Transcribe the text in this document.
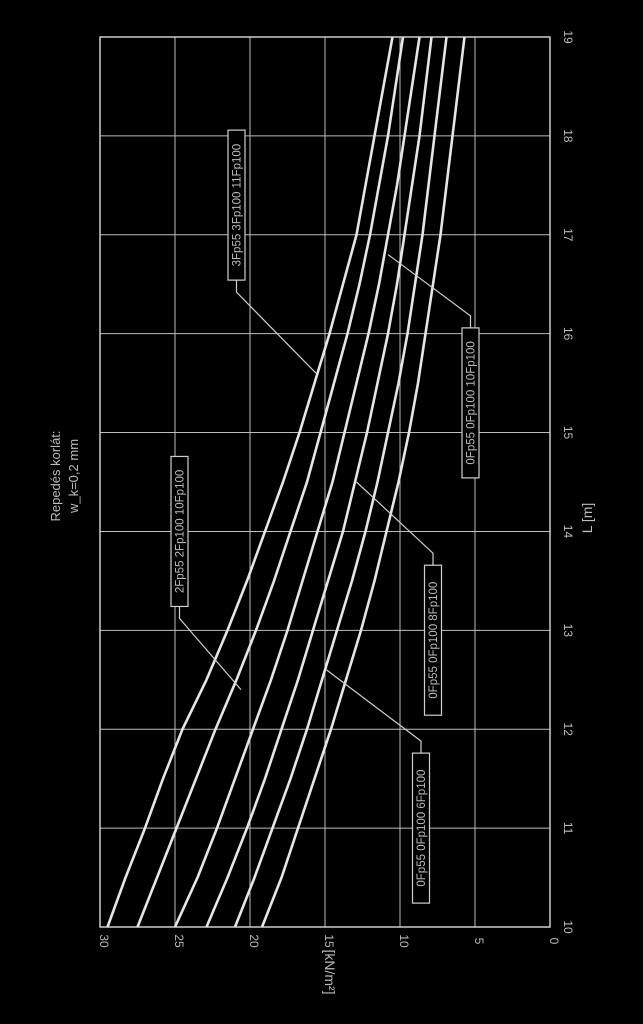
0
5
10
15
20
25
30
10
11
12
13
14
15
16
17
18
19
3Fp55 3Fp100 11Fp100
2Fp55 2Fp100 10Fp100
0Fp55 0Fp100 10Fp100
0Fp55 0Fp100 8Fp100
0Fp55 0Fp100 6Fp100
[kN/m²]
L [m]
Repedés korlát: w_k=0,2 mm
